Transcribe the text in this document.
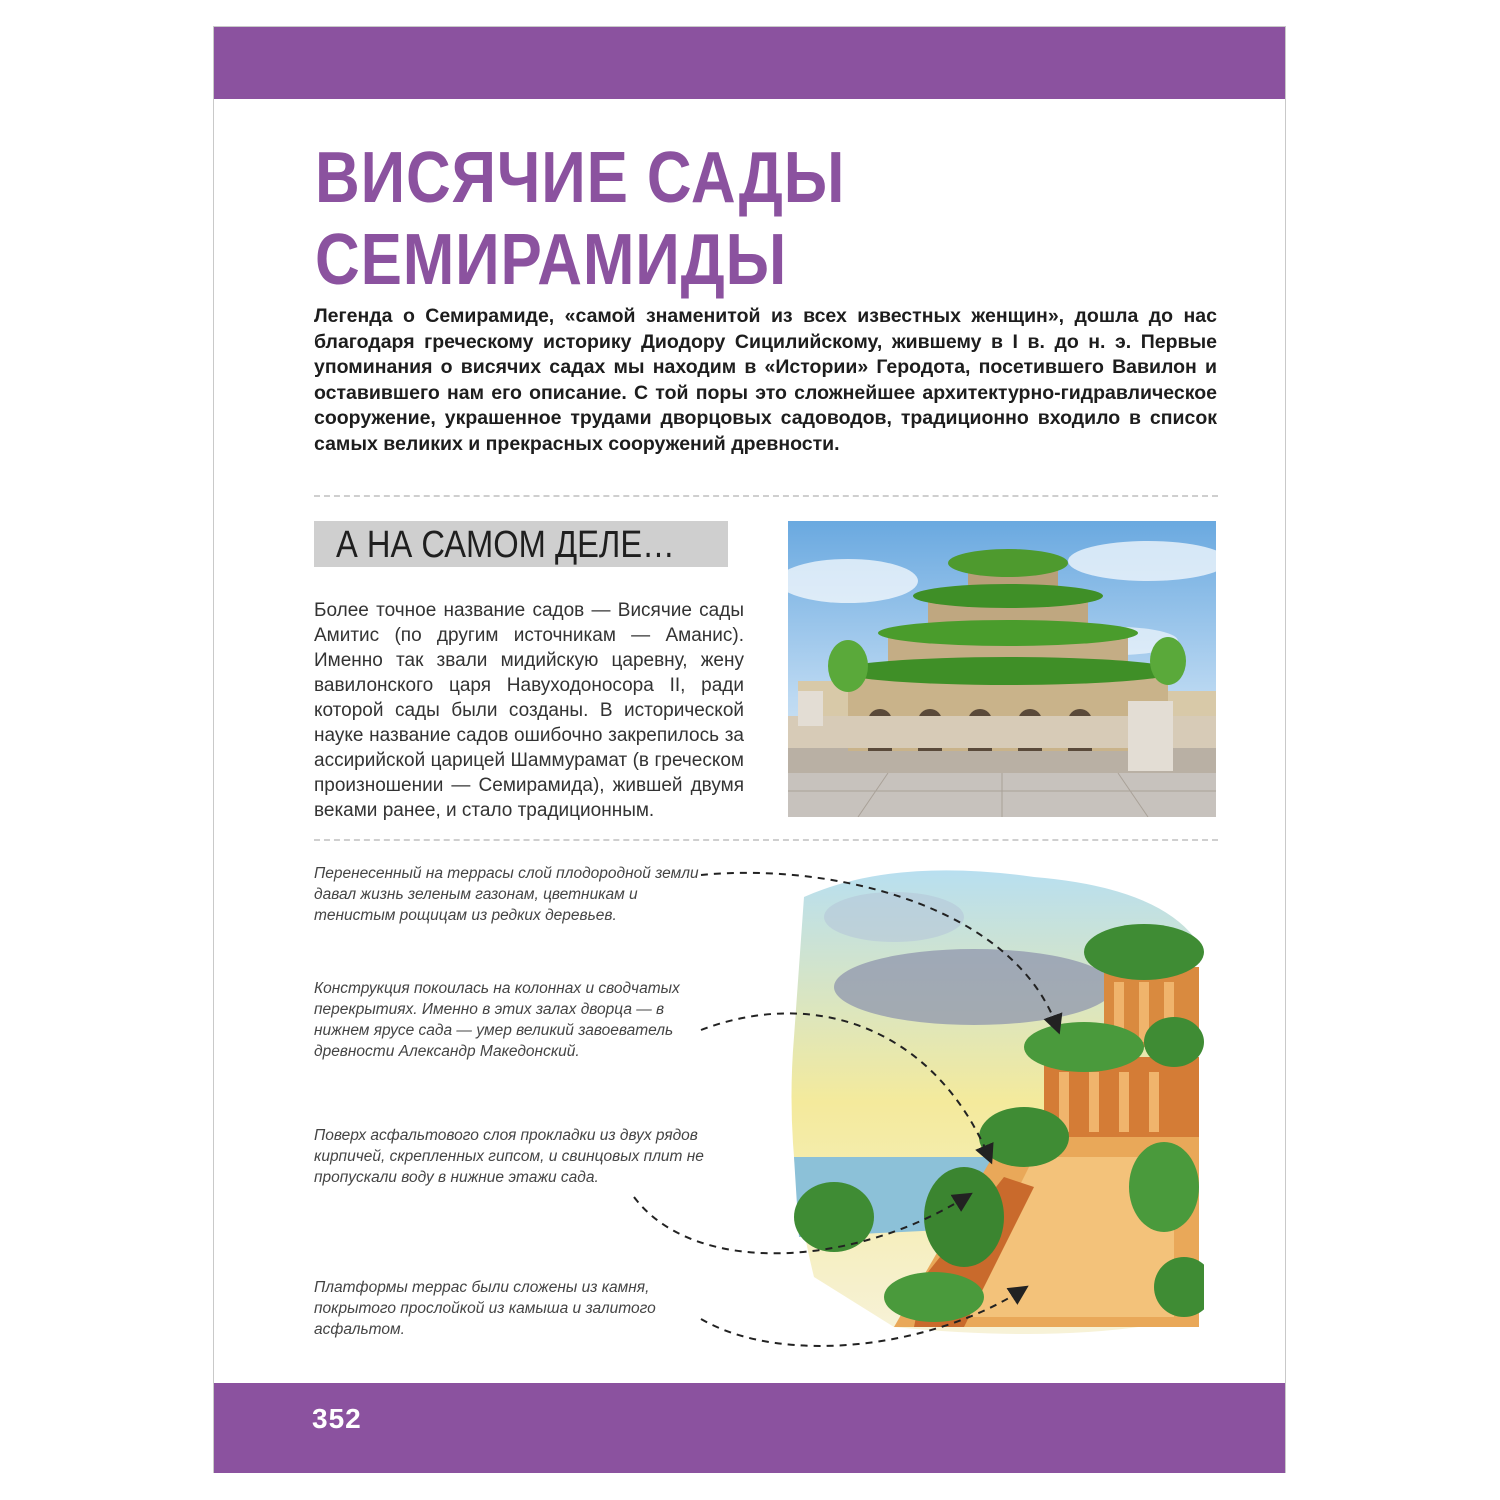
ВИСЯЧИЕ САДЫ
СЕМИРАМИДЫ

Легенда о Семирамиде, «самой знаменитой из всех известных женщин», дошла до нас благодаря греческому историку Диодору Сицилийскому, жившему в I в. до н. э. Первые упоминания о висячих садах мы находим в «Истории» Геродота, посетившего Вавилон и оставившего нам его описание. С той поры это сложнейшее архитектурно-гидравлическое сооружение, украшенное трудами дворцовых садоводов, традиционно входило в список самых великих и прекрасных сооружений древности.

А НА САМОМ ДЕЛЕ…

Более точное название садов — Висячие сады Амитис (по другим источникам — Аманис). Именно так звали мидийскую царевну, жену вавилонского царя Навуходоносора II, ради которой сады были созданы. В исторической науке название садов ошибочно закрепилось за ассирийской царицей Шаммурамат (в греческом произношении — Семирамида), жившей двумя веками ранее, и стало традиционным.

Перенесенный на террасы слой плодородной земли давал жизнь зеленым газонам, цветникам и тенистым рощицам из редких деревьев.

Конструкция покоилась на колоннах и сводчатых перекрытиях. Именно в этих залах дворца — в нижнем ярусе сада — умер великий завоеватель древности Александр Македонский.

Поверх асфальтового слоя прокладки из двух рядов кирпичей, скрепленных гипсом, и свинцовых плит не пропускали воду в нижние этажи сада.

Платформы террас были сложены из камня, покрытого прослойкой из камыша и залитого асфальтом.

352
